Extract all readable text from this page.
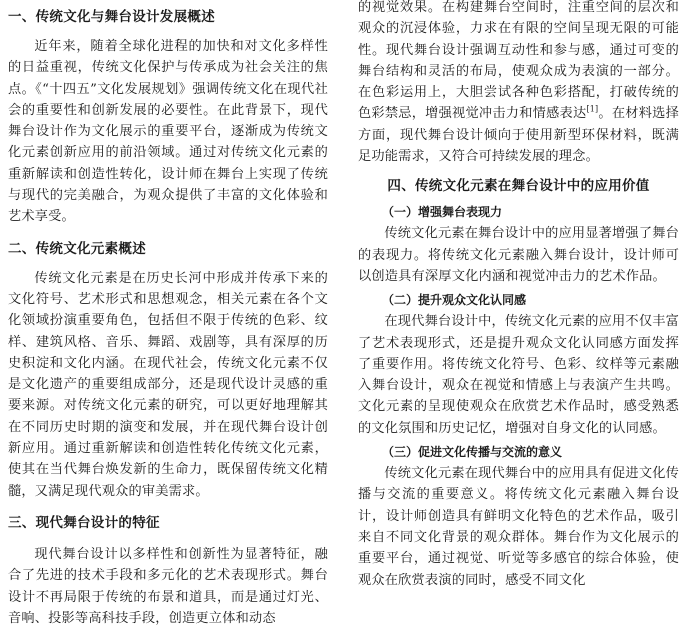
一、传统文化与舞台设计发展概述

近年来，随着全球化进程的加快和对文化多样性的日益重视，传统文化保护与传承成为社会关注的焦点。《“十四五”文化发展规划》强调传统文化在现代社会的重要性和创新发展的必要性。在此背景下，现代舞台设计作为文化展示的重要平台，逐渐成为传统文化元素创新应用的前沿领域。通过对传统文化元素的重新解读和创造性转化，设计师在舞台上实现了传统与现代的完美融合，为观众提供了丰富的文化体验和艺术享受。

二、传统文化元素概述

传统文化元素是在历史长河中形成并传承下来的文化符号、艺术形式和思想观念，相关元素在各个文化领域扮演重要角色，包括但不限于传统的色彩、纹样、建筑风格、音乐、舞蹈、戏剧等，具有深厚的历史积淀和文化内涵。在现代社会，传统文化元素不仅是文化遗产的重要组成部分，还是现代设计灵感的重要来源。对传统文化元素的研究，可以更好地理解其在不同历史时期的演变和发展，并在现代舞台设计创新应用。通过重新解读和创造性转化传统文化元素，使其在当代舞台焕发新的生命力，既保留传统文化精髓，又满足现代观众的审美需求。

三、现代舞台设计的特征

现代舞台设计以多样性和创新性为显著特征，融合了先进的技术手段和多元化的艺术表现形式。舞台设计不再局限于传统的布景和道具，而是通过灯光、音响、投影等高科技手段，创造更立体和动态

的视觉效果。在构建舞台空间时，注重空间的层次和观众的沉浸体验，力求在有限的空间呈现无限的可能性。现代舞台设计强调互动性和参与感，通过可变的舞台结构和灵活的布局，使观众成为表演的一部分。在色彩运用上，大胆尝试各种色彩搭配，打破传统的色彩禁忌，增强视觉冲击力和情感表达[1]。在材料选择方面，现代舞台设计倾向于使用新型环保材料，既满足功能需求，又符合可持续发展的理念。

四、传统文化元素在舞台设计中的应用价值
（一）增强舞台表现力

传统文化元素在舞台设计中的应用显著增强了舞台的表现力。将传统文化元素融入舞台设计，设计师可以创造具有深厚文化内涵和视觉冲击力的艺术作品。

（二）提升观众文化认同感

在现代舞台设计中，传统文化元素的应用不仅丰富了艺术表现形式，还是提升观众文化认同感方面发挥了重要作用。将传统文化符号、色彩、纹样等元素融入舞台设计，观众在视觉和情感上与表演产生共鸣。文化元素的呈现使观众在欣赏艺术作品时，感受熟悉的文化氛围和历史记忆，增强对自身文化的认同感。

（三）促进文化传播与交流的意义

传统文化元素在现代舞台中的应用具有促进文化传播与交流的重要意义。将传统文化元素融入舞台设计，设计师创造具有鲜明文化特色的艺术作品，吸引来自不同文化背景的观众群体。舞台作为文化展示的重要平台，通过视觉、听觉等多感官的综合体验，使观众在欣赏表演的同时，感受不同文化
